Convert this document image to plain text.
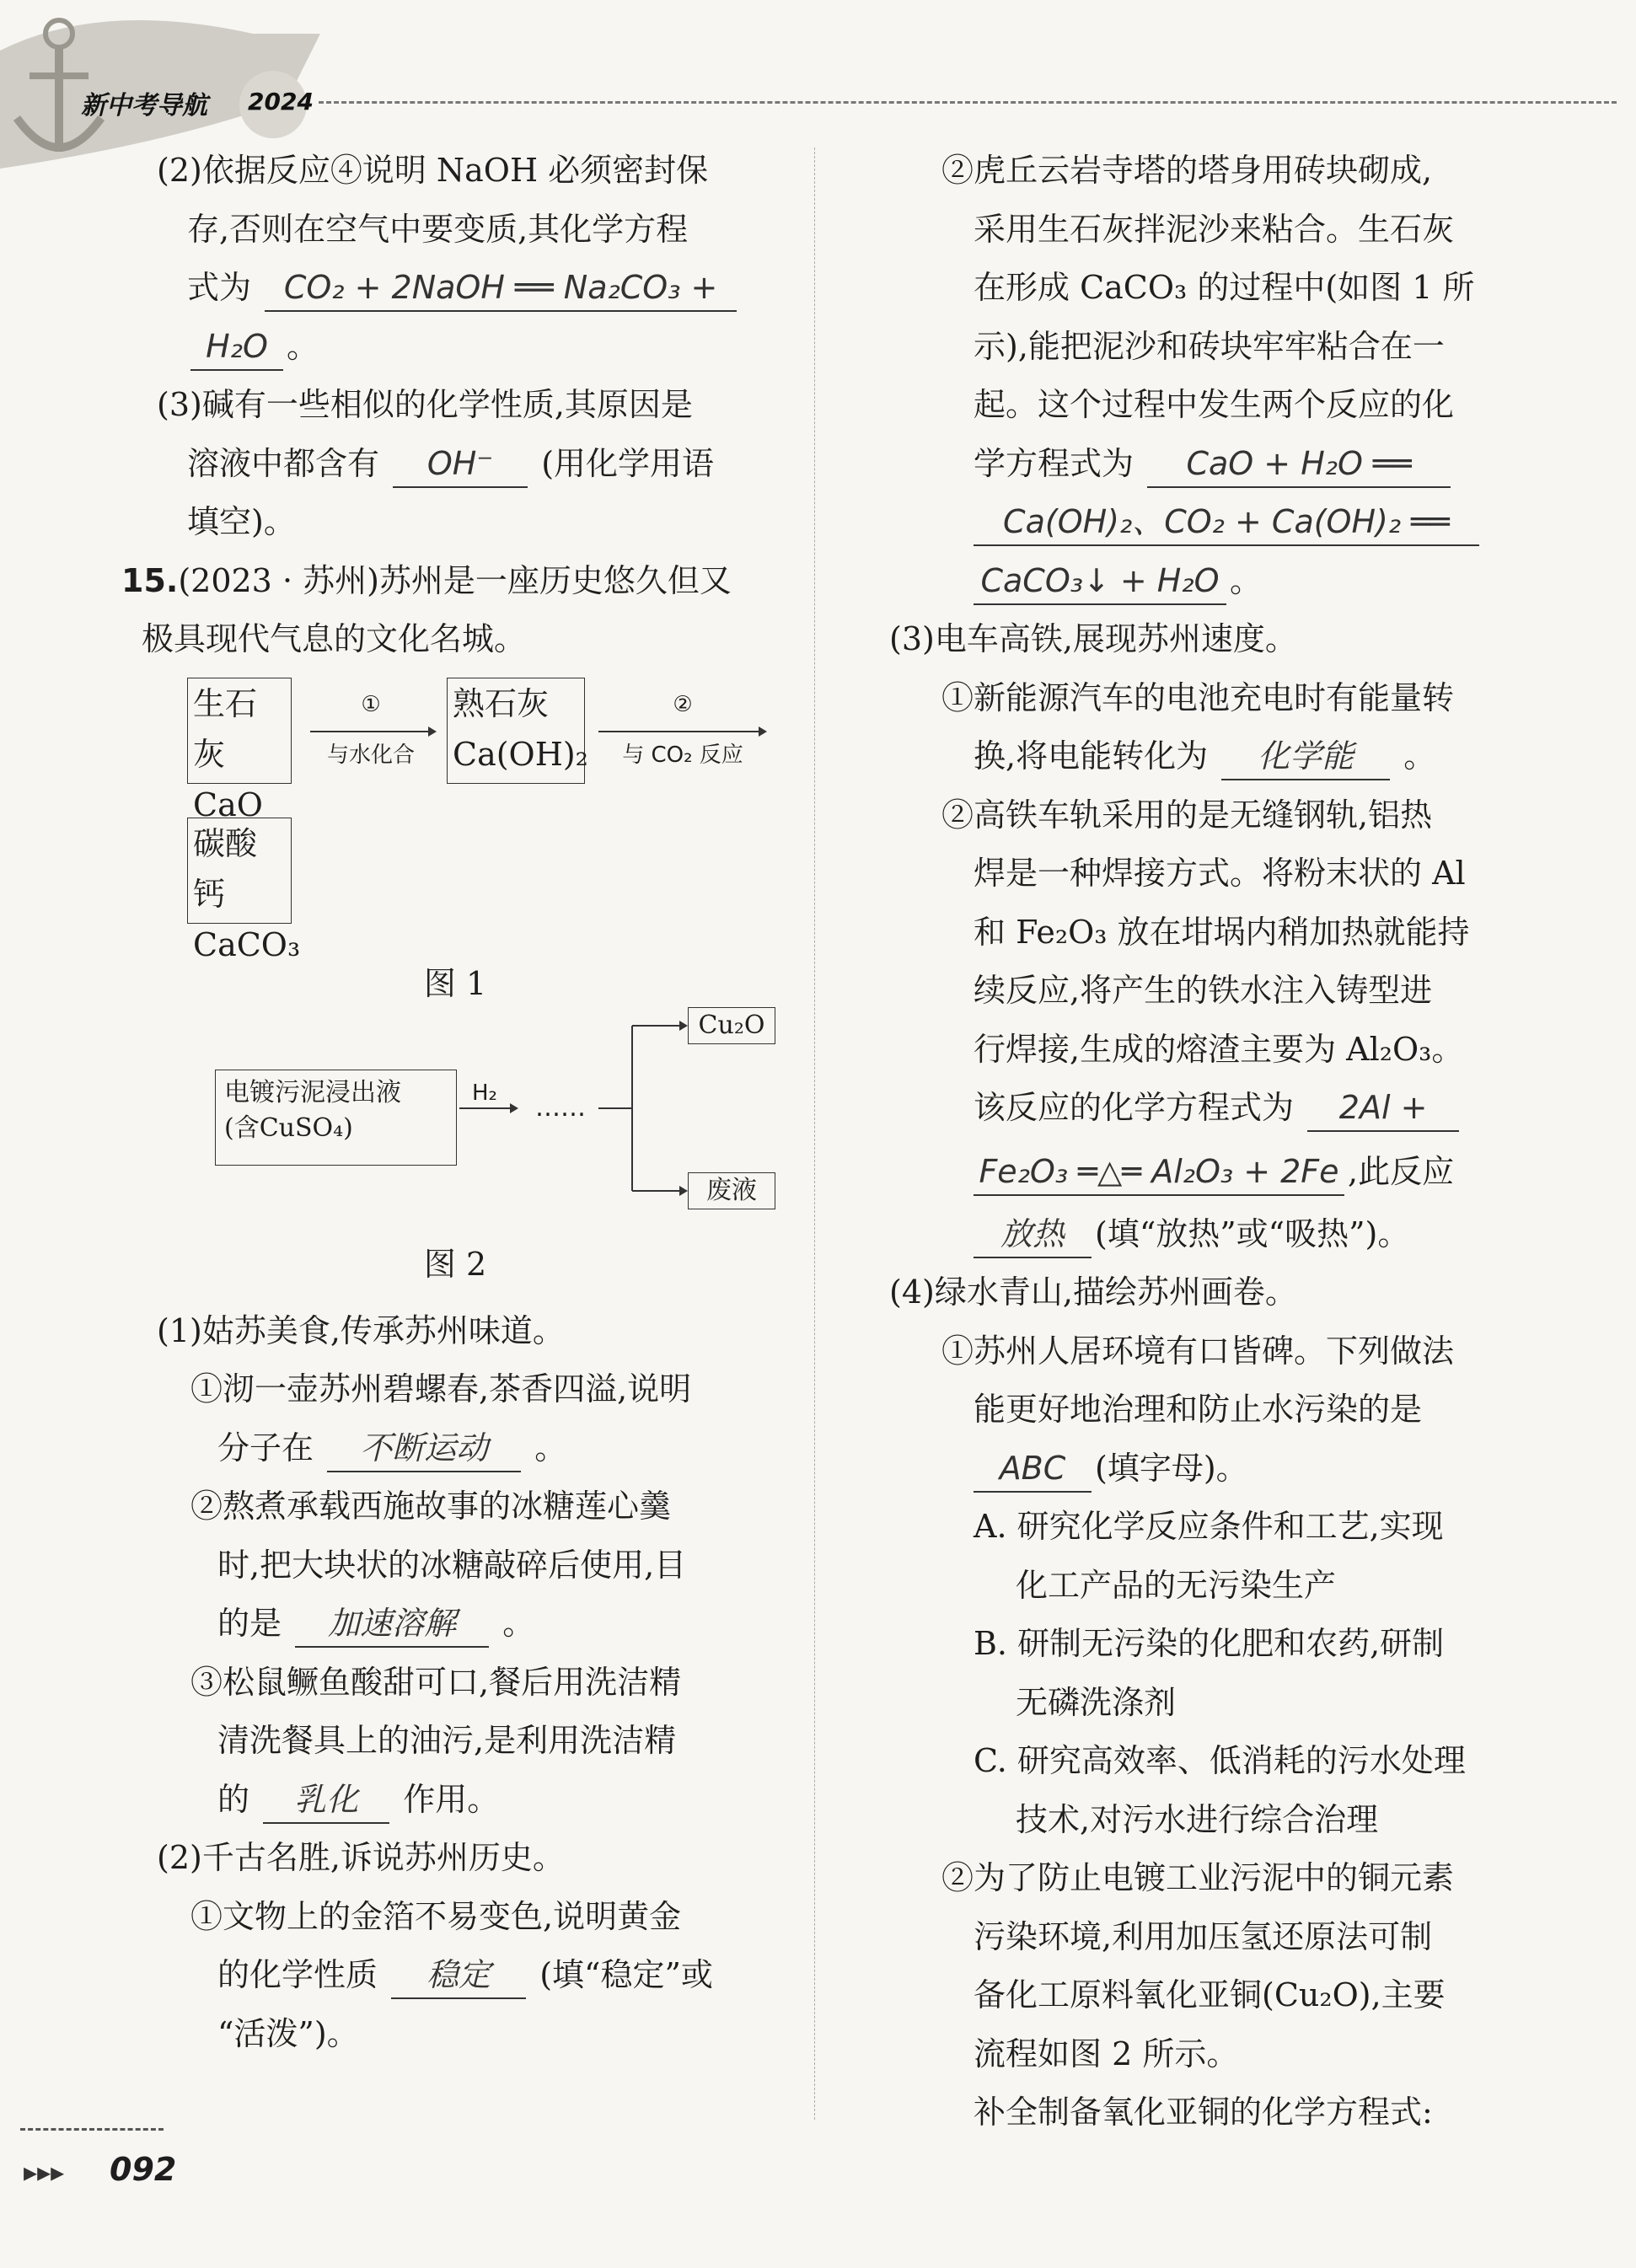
新中考导航 2024
(2)依据反应④说明 NaOH 必须密封保
存,否则在空气中要变质,其化学方程
式为 CO₂ + 2NaOH ══ Na₂CO₃ +
H₂O 。
(3)碱有一些相似的化学性质,其原因是
溶液中都含有 OH⁻ (用化学用语
填空)。
15.(2023 · 苏州)苏州是一座历史悠久但又
极具现代气息的文化名城。
生石灰
CaO
①
与水化合
熟石灰
Ca(OH)₂
②
与 CO₂ 反应
碳酸钙
CaCO₃
图 1
电镀污泥浸出液
(含CuSO₄)
H₂	……
Cu₂O
废液
图 2
(1)姑苏美食,传承苏州味道。
①沏一壶苏州碧螺春,茶香四溢,说明
分子在 不断运动 。
②熬煮承载西施故事的冰糖莲心羹
时,把大块状的冰糖敲碎后使用,目
的是 加速溶解 。
③松鼠鳜鱼酸甜可口,餐后用洗洁精
清洗餐具上的油污,是利用洗洁精
的 乳化 作用。
(2)千古名胜,诉说苏州历史。
①文物上的金箔不易变色,说明黄金
的化学性质 稳定 (填“稳定”或
“活泼”)。
②虎丘云岩寺塔的塔身用砖块砌成,
采用生石灰拌泥沙来粘合。生石灰
在形成 CaCO₃ 的过程中(如图 1 所
示),能把泥沙和砖块牢牢粘合在一
起。这个过程中发生两个反应的化
学方程式为 CaO + H₂O ══
Ca(OH)₂、CO₂ + Ca(OH)₂ ══
CaCO₃↓ + H₂O 。
(3)电车高铁,展现苏州速度。
①新能源汽车的电池充电时有能量转
换,将电能转化为 化学能 。
②高铁车轨采用的是无缝钢轨,铝热
焊是一种焊接方式。将粉末状的 Al
和 Fe₂O₃ 放在坩埚内稍加热就能持
续反应,将产生的铁水注入铸型进
行焊接,生成的熔渣主要为 Al₂O₃。
该反应的化学方程式为 2Al +
Fe₂O₃ ═△═ Al₂O₃ + 2Fe ,此反应
放热 (填“放热”或“吸热”)。
(4)绿水青山,描绘苏州画卷。
①苏州人居环境有口皆碑。下列做法
能更好地治理和防止水污染的是
ABC (填字母)。
A. 研究化学反应条件和工艺,实现
化工产品的无污染生产
B. 研制无污染的化肥和农药,研制
无磷洗涤剂
C. 研究高效率、低消耗的污水处理
技术,对污水进行综合治理
②为了防止电镀工业污泥中的铜元素
污染环境,利用加压氢还原法可制
备化工原料氧化亚铜(Cu₂O),主要
流程如图 2 所示。
补全制备氧化亚铜的化学方程式:
▸▸▸ 092
